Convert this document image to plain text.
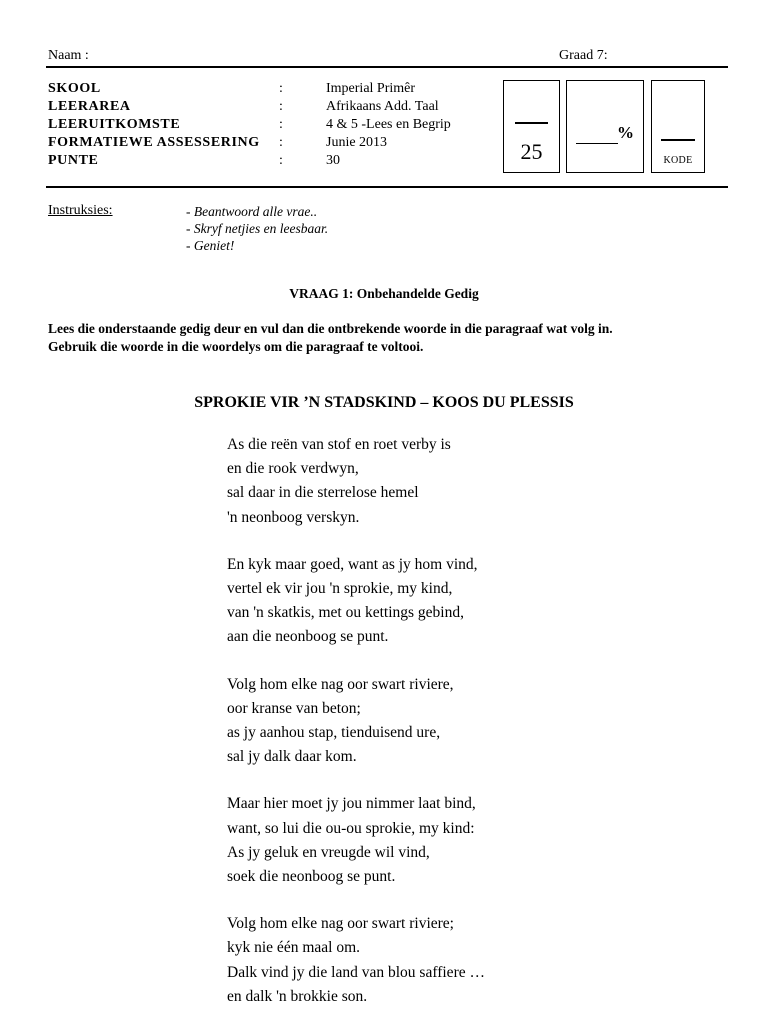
Naam :	Graad 7:
SKOOL	:	Imperial Primêr
LEERAREA	:	Afrikaans Add. Taal
LEERUITKOMSTE	:	4 & 5 -Lees en Begrip
FORMATIEWE ASSESSERING :	Junie 2013
PUNTE	:	30	25
%
KODE
Instruksies:	- Beantwoord alle vrae..
- Skryf netjies en leesbaar.
- Geniet!
VRAAG 1: Onbehandelde Gedig
Lees die onderstaande gedig deur en vul dan die ontbrekende woorde in die paragraaf wat volg in.
Gebruik die woorde in die woordelys om die paragraaf te voltooi.
SPROKIE VIR ’N STADSKIND – KOOS DU PLESSIS
As die reën van stof en roet verby is
en die rook verdwyn,
sal daar in die sterrelose hemel
'n neonboog verskyn.
En kyk maar goed, want as jy hom vind,
vertel ek vir jou 'n sprokie, my kind,
van 'n skatkis, met ou kettings gebind,
aan die neonboog se punt.
Volg hom elke nag oor swart riviere,
oor kranse van beton;
as jy aanhou stap, tienduisend ure,
sal jy dalk daar kom.
Maar hier moet jy jou nimmer laat bind,
want, so lui die ou-ou sprokie, my kind:
As jy geluk en vreugde wil vind,
soek die neonboog se punt.
Volg hom elke nag oor swart riviere;
kyk nie één maal om.
Dalk vind jy die land van blou saffiere …
en dalk 'n brokkie son.
